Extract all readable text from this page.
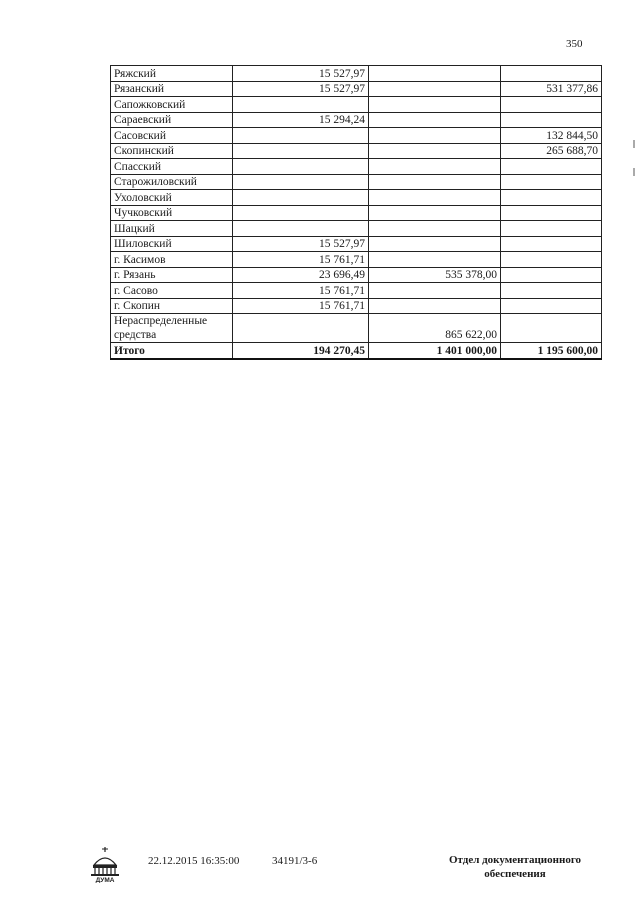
350
Ряжский	15 527,97		
Рязанский	15 527,97		531 377,86
Сапожковский			
Сараевский	15 294,24		
Сасовский			132 844,50
Скопинский			265 688,70
Спасский			
Старожиловский			
Ухоловский			
Чучковский			
Шацкий			
Шиловский	15 527,97		
г. Касимов	15 761,71		
г. Рязань	23 696,49	535 378,00	
г. Сасово	15 761,71		
г. Скопин	15 761,71		
Нераспределенные средства		865 622,00	
Итого	194 270,45	1 401 000,00	1 195 600,00
ДУМА
22.12.2015 16:35:00	34191/3-6	Отдел документационного
обеспечения
